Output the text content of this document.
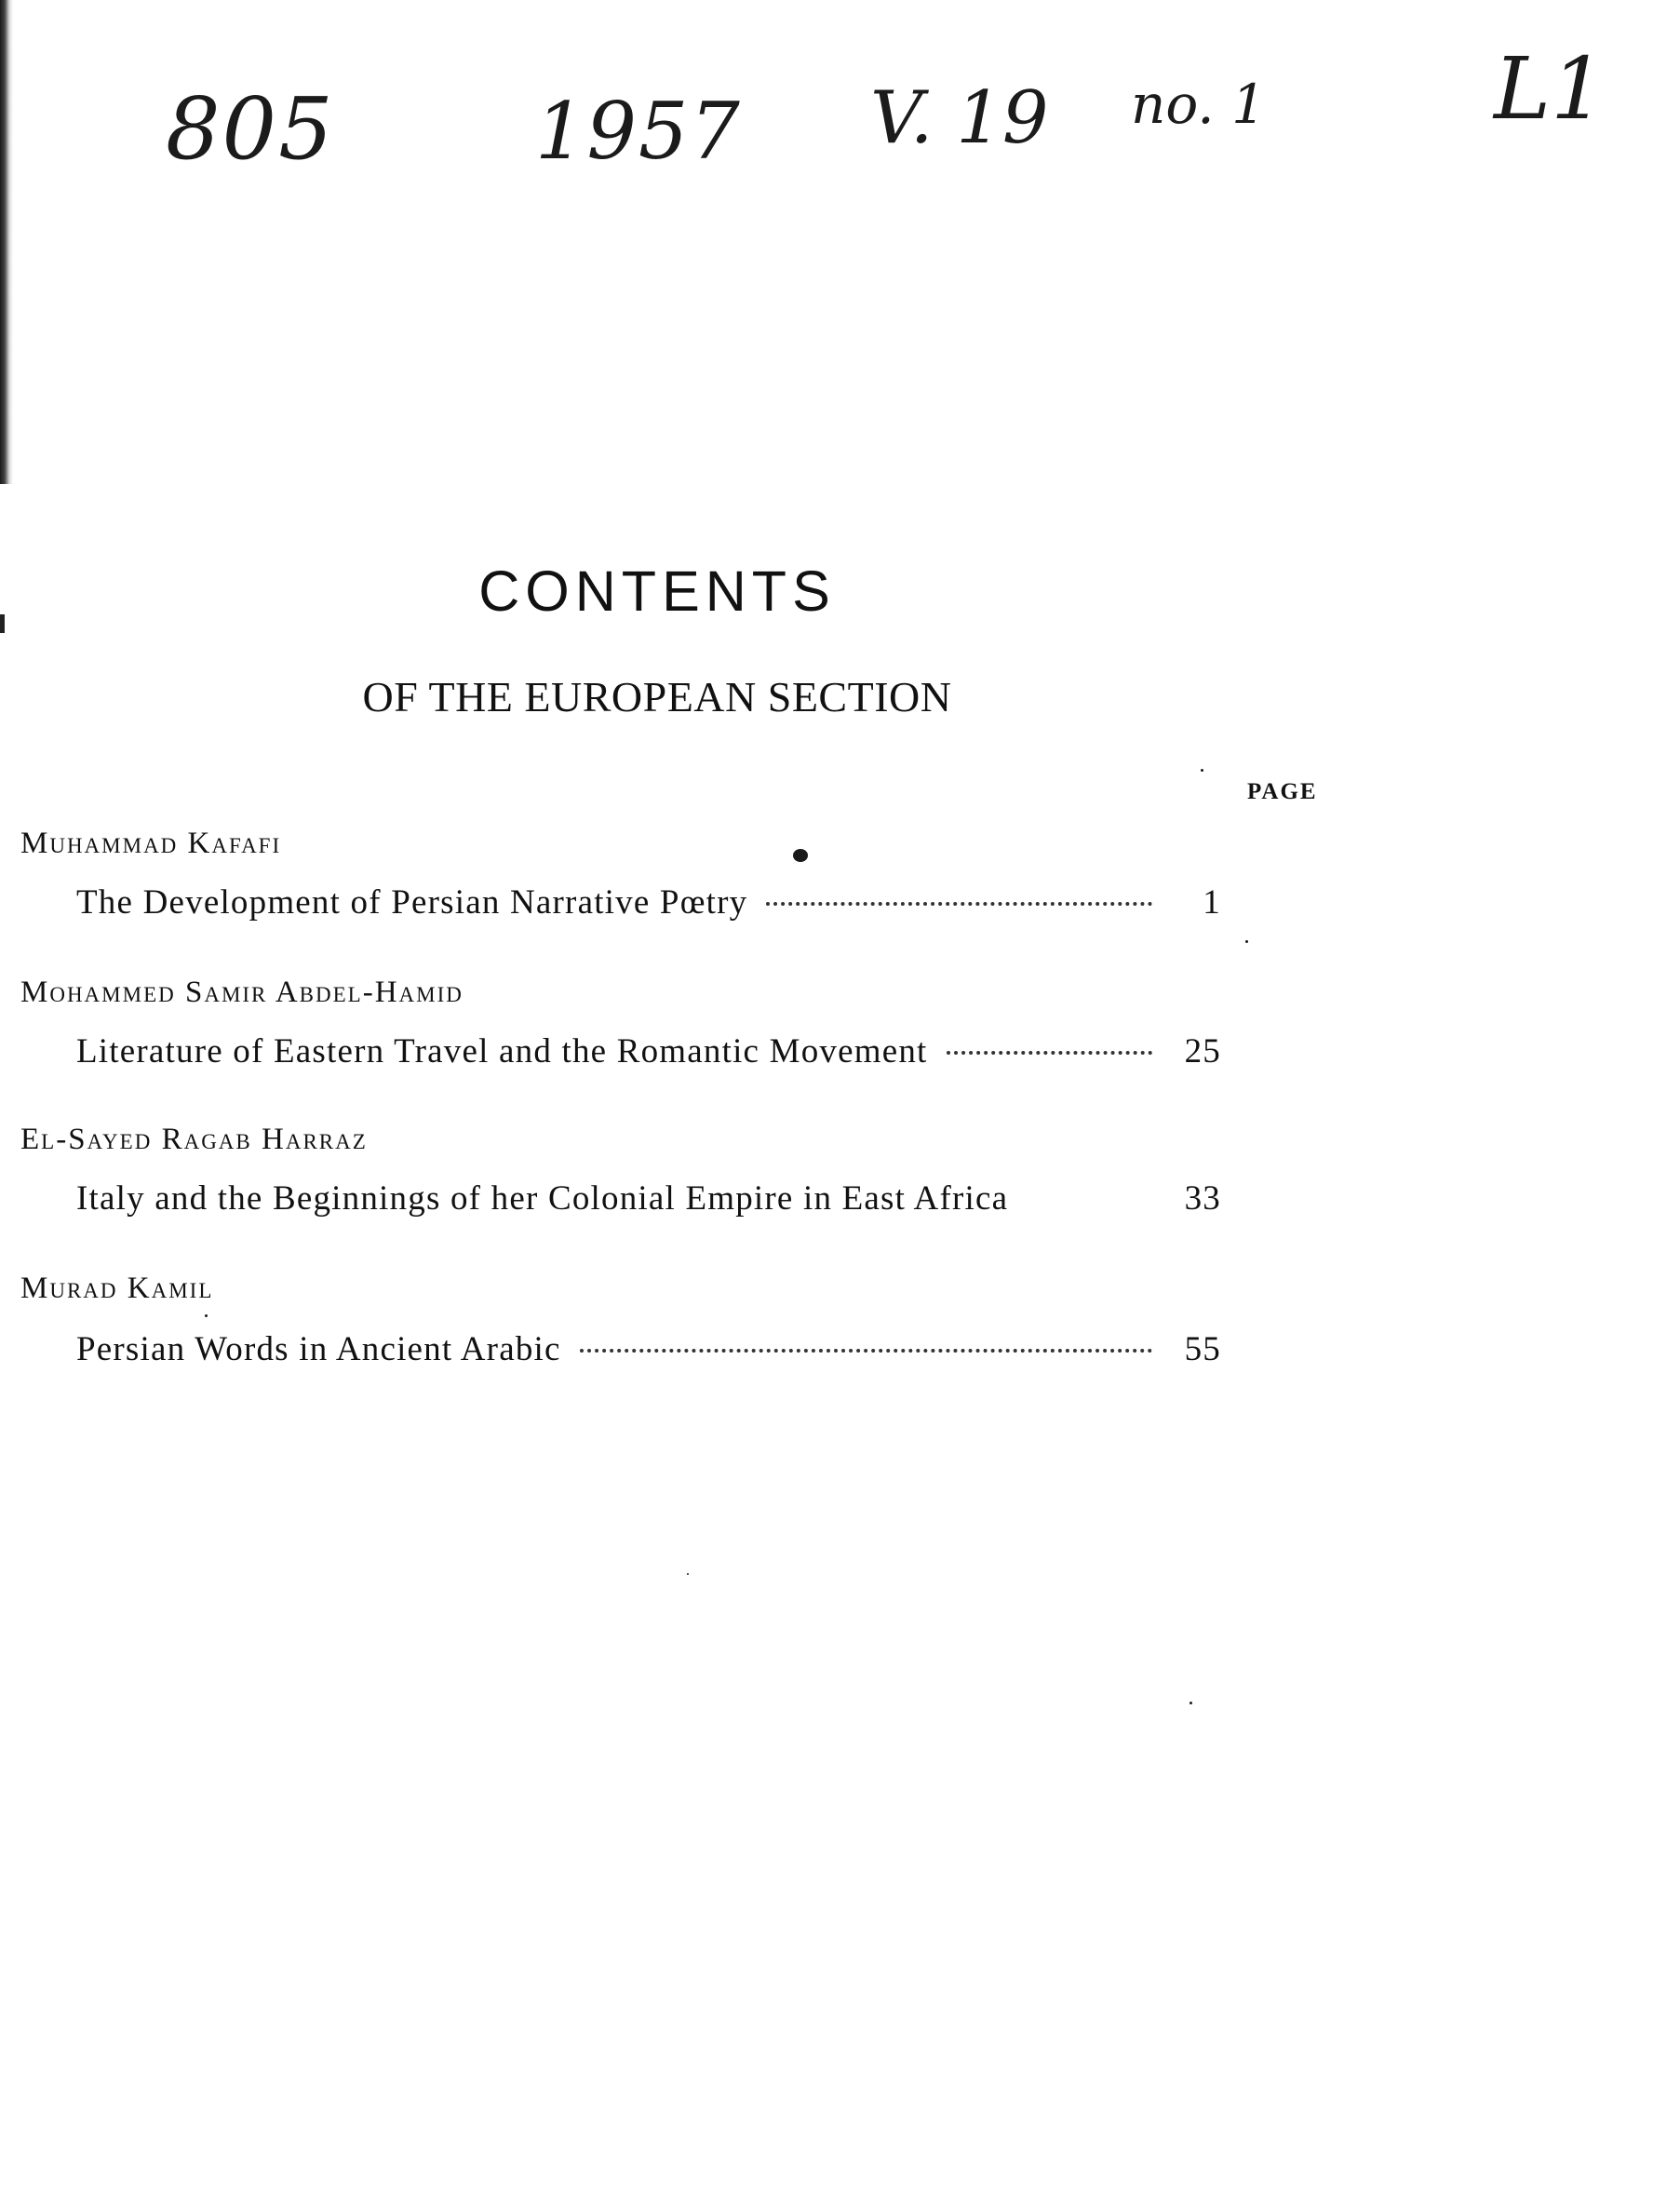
805	1957 V. 19 no. 1	L1
CONTENTS
OF THE EUROPEAN SECTION
PAGE
Muhammad Kafafi
The Development of Persian Narrative Pœtry	1
Mohammed Samir Abdel-Hamid
Literature of Eastern Travel and the Romantic Movement	25
El-Sayed Ragab Harraz
Italy and the Beginnings of her Colonial Empire in East Africa	33
Murad Kamil
Persian Words in Ancient Arabic	55
